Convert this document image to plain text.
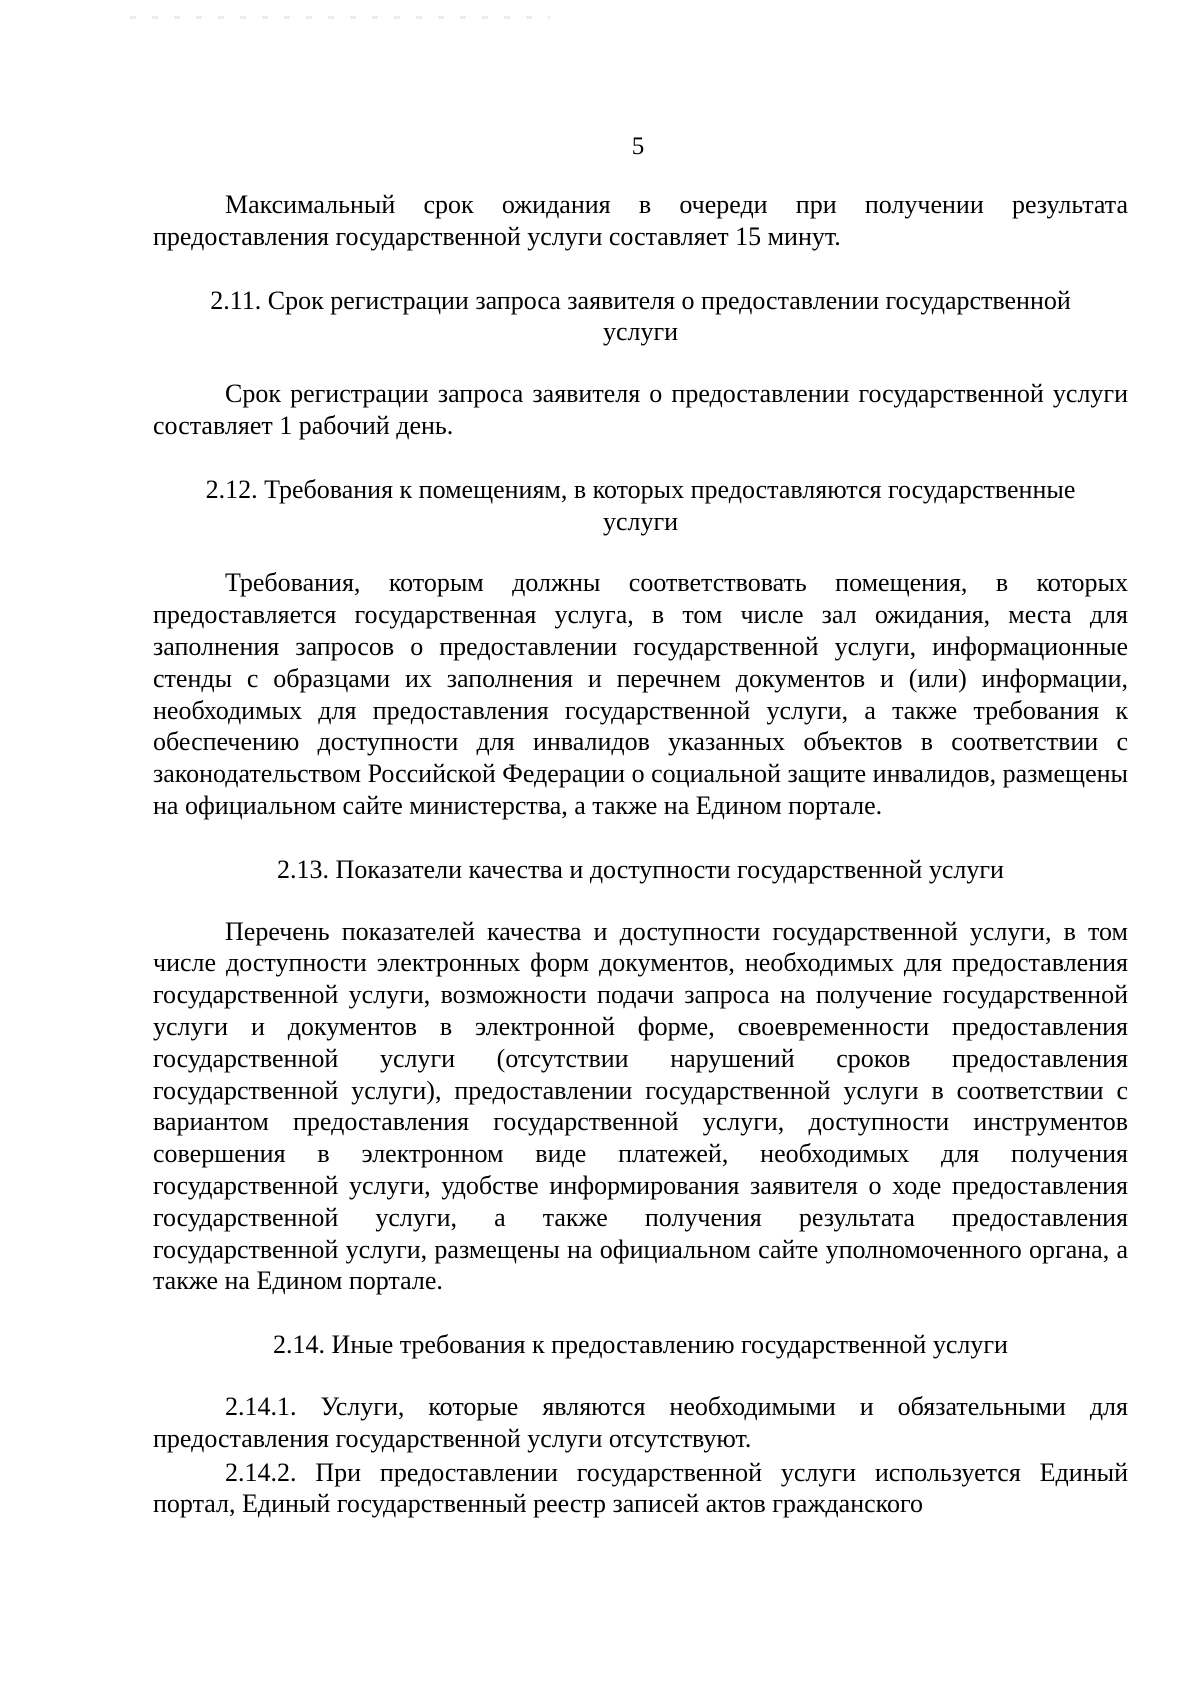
5

Максимальный срок ожидания в очереди при получении результата предоставления государственной услуги составляет 15 минут.

2.11. Срок регистрации запроса заявителя о предоставлении государственной услуги

Срок регистрации запроса заявителя о предоставлении государственной услуги составляет 1 рабочий день.

2.12. Требования к помещениям, в которых предоставляются государственные услуги

Требования, которым должны соответствовать помещения, в которых предоставляется государственная услуга, в том числе зал ожидания, места для заполнения запросов о предоставлении государственной услуги, информационные стенды с образцами их заполнения и перечнем документов и (или) информации, необходимых для предоставления государственной услуги, а также требования к обеспечению доступности для инвалидов указанных объектов в соответствии с законодательством Российской Федерации о социальной защите инвалидов, размещены на официальном сайте министерства, а также на Едином портале.

2.13. Показатели качества и доступности государственной услуги

Перечень показателей качества и доступности государственной услуги, в том числе доступности электронных форм документов, необходимых для предоставления государственной услуги, возможности подачи запроса на получение государственной услуги и документов в электронной форме, своевременности предоставления государственной услуги (отсутствии нарушений сроков предоставления государственной услуги), предоставлении государственной услуги в соответствии с вариантом предоставления государственной услуги, доступности инструментов совершения в электронном виде платежей, необходимых для получения государственной услуги, удобстве информирования заявителя о ходе предоставления государственной услуги, а также получения результата предоставления государственной услуги, размещены на официальном сайте уполномоченного органа, а также на Едином портале.

2.14. Иные требования к предоставлению государственной услуги

2.14.1. Услуги, которые являются необходимыми и обязательными для предоставления государственной услуги отсутствуют.

2.14.2. При предоставлении государственной услуги используется Единый портал, Единый государственный реестр записей актов гражданского
